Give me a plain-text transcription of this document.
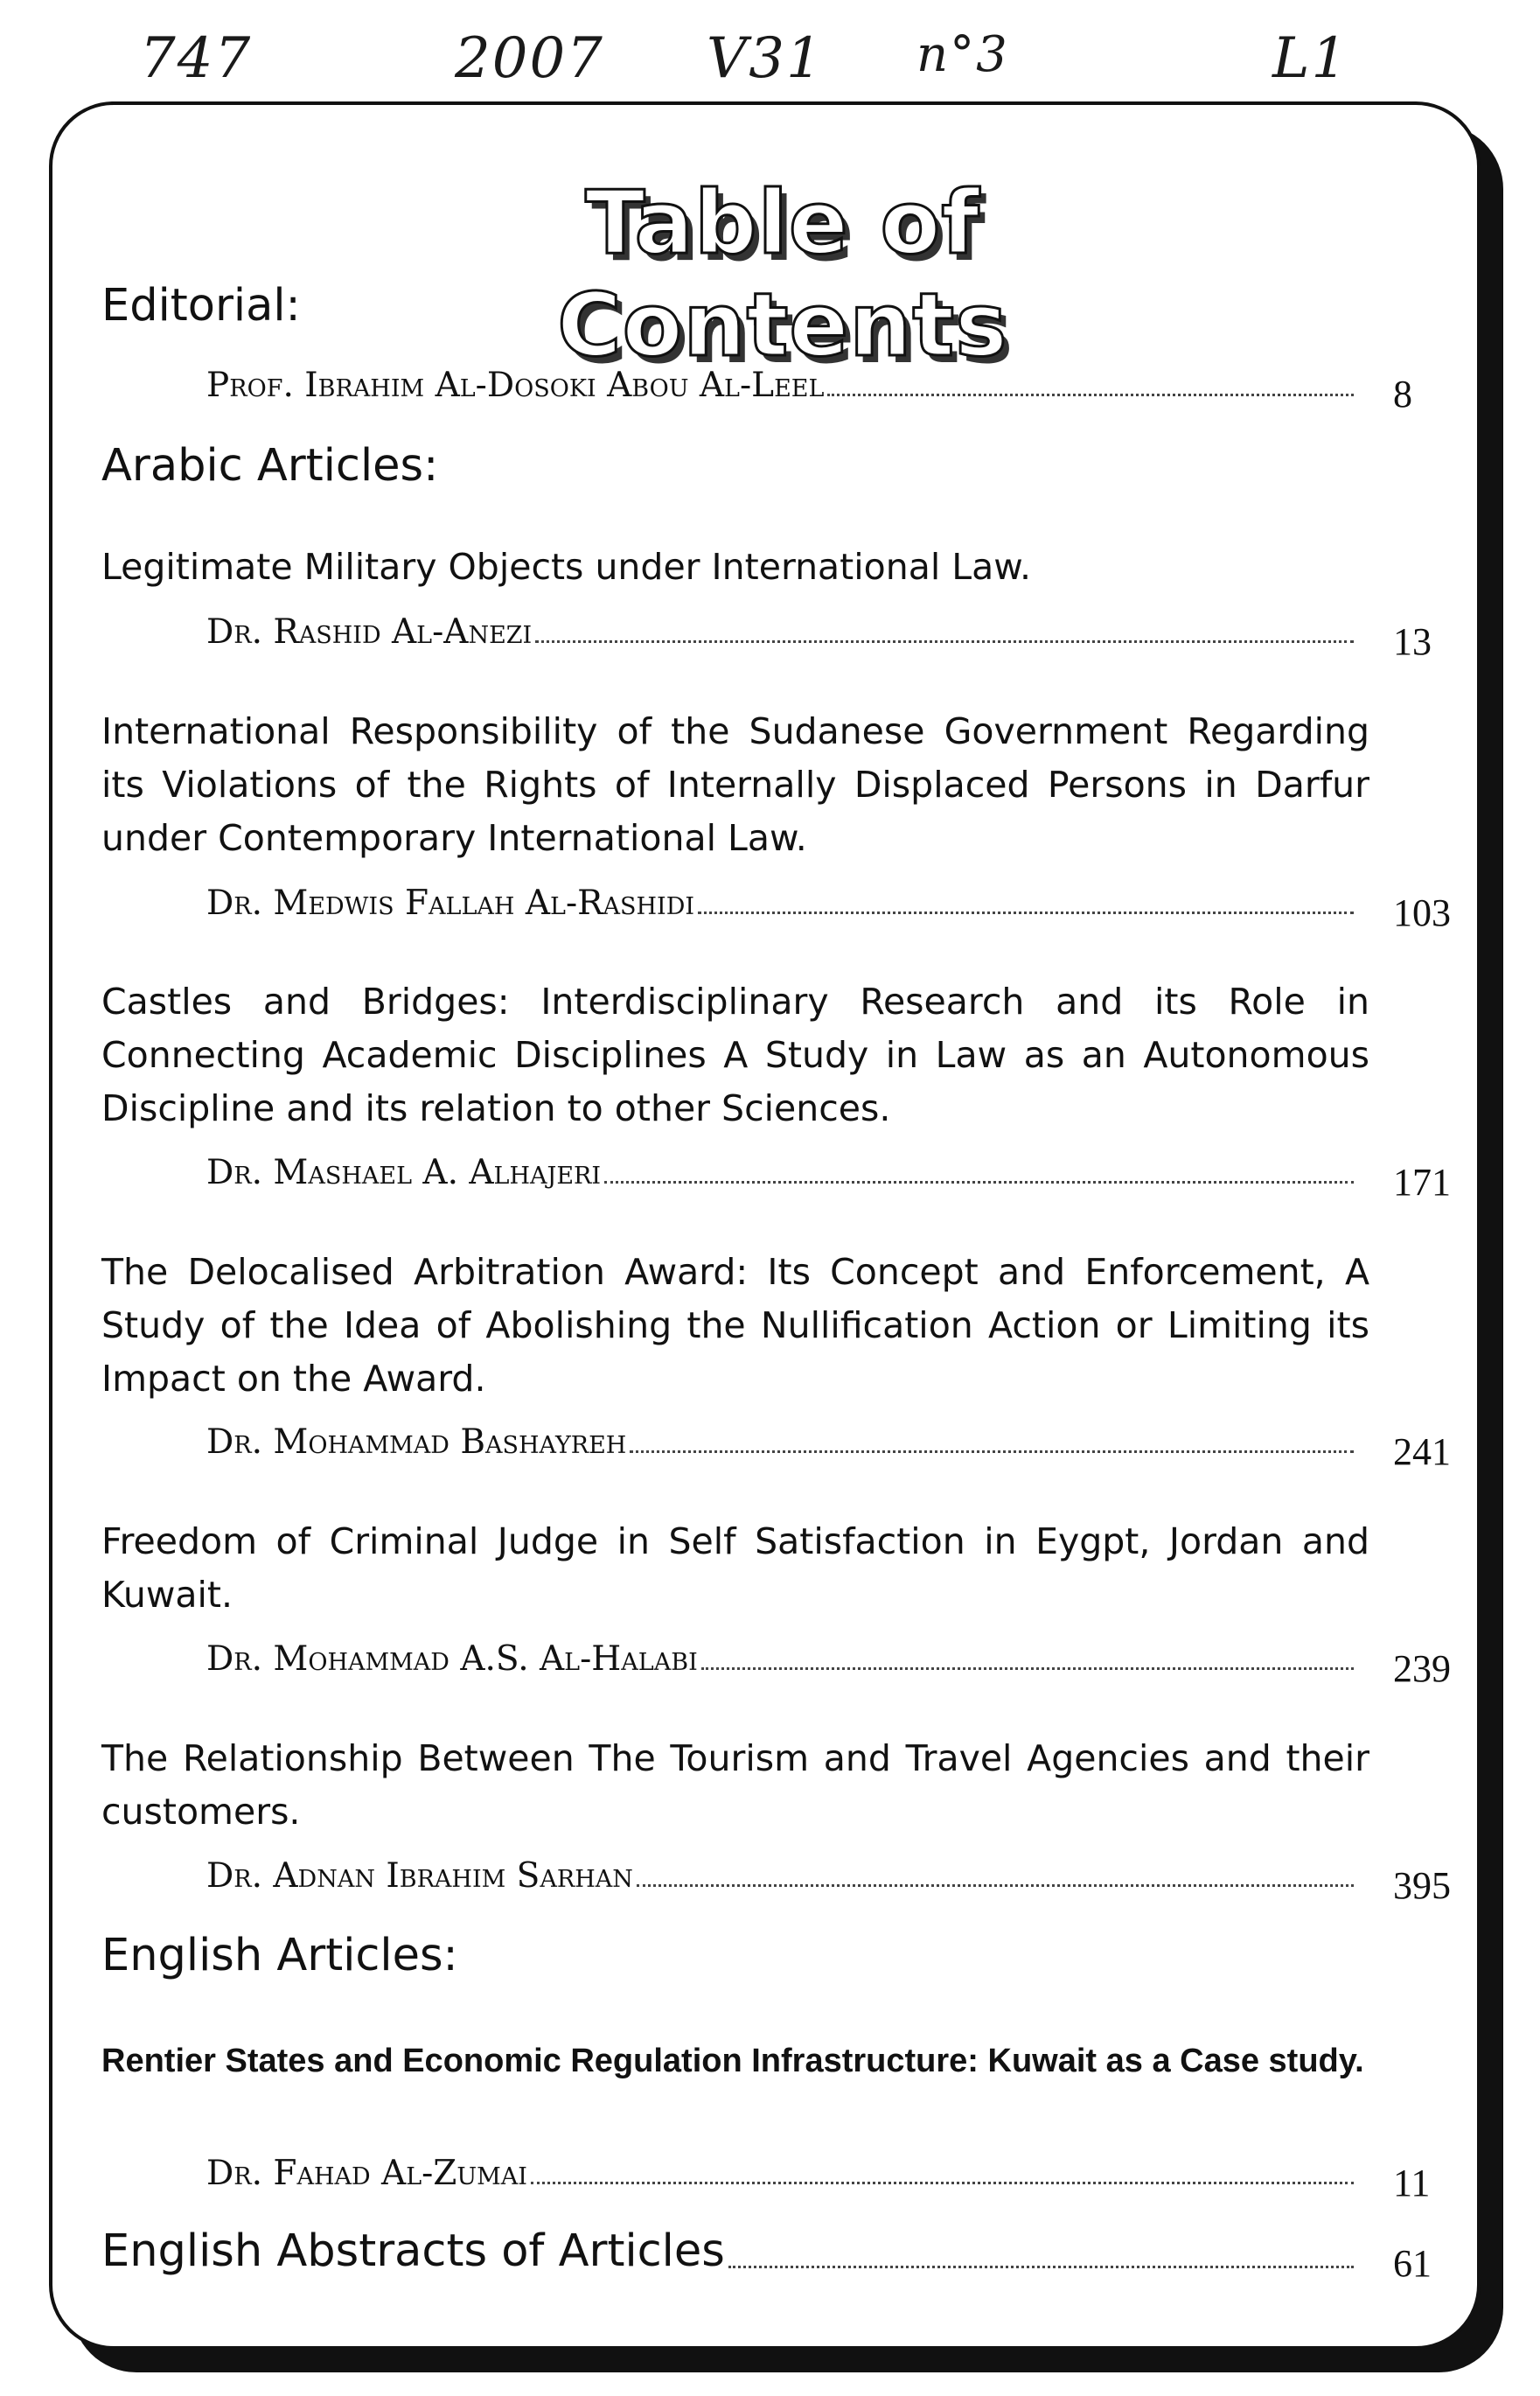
747	2007 V31 n°3	L1
Table of Contents
Editorial:
Prof. Ibrahim Al-Dosoki Abou Al-Leel	8
Arabic Articles:
Legitimate Military Objects under International Law.
Dr. Rashid Al-Anezi	13
International Responsibility of the Sudanese Government Regarding its Violations of the Rights of Internally Displaced Persons in Darfur under Contemporary International Law.
Dr. Medwis Fallah Al-Rashidi	103
Castles and Bridges: Interdisciplinary Research and its Role in Connecting Academic Disciplines A Study in Law as an Autonomous Discipline and its relation to other Sciences.
Dr. Mashael A. Alhajeri	171
The Delocalised Arbitration Award: Its Concept and Enforcement, A Study of the Idea of Abolishing the Nullification Action or Limiting its Impact on the Award.
Dr. Mohammad Bashayreh	241
Freedom of Criminal Judge in Self Satisfaction in Eygpt, Jordan and Kuwait.
Dr. Mohammad A.S. Al-Halabi	239
The Relationship Between The Tourism and Travel Agencies and their customers.
Dr. Adnan Ibrahim Sarhan	395
English Articles:
Rentier States and Economic Regulation Infrastructure: Kuwait as a Case study.
Dr. Fahad Al-Zumai	11
English Abstracts of Articles	61
